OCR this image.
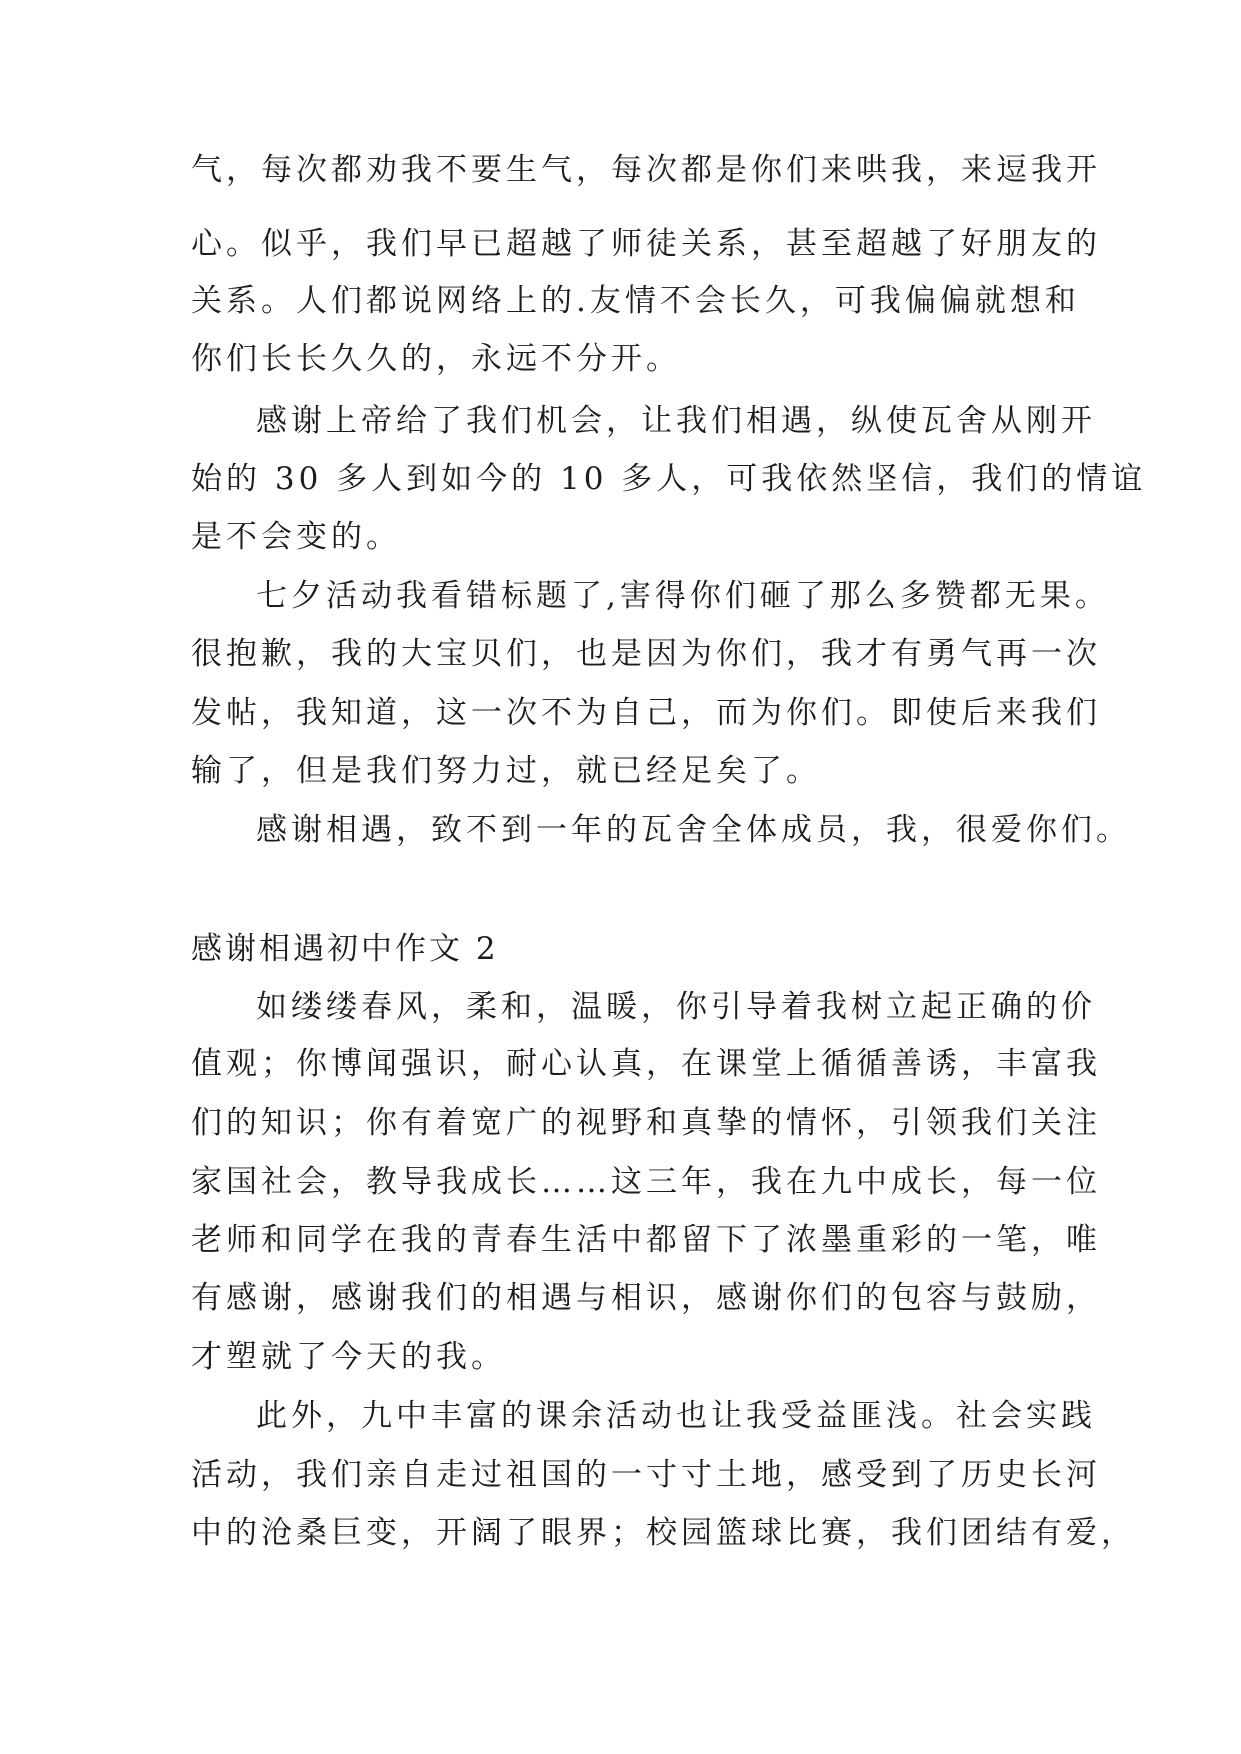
气，每次都劝我不要生气，每次都是你们来哄我，来逗我开

心。似乎，我们早已超越了师徒关系，甚至超越了好朋友的

关系。人们都说网络上的.友情不会长久，可我偏偏就想和

你们长长久久的，永远不分开。

感谢上帝给了我们机会，让我们相遇，纵使瓦舍从刚开

始的 30 多人到如今的 10 多人，可我依然坚信，我们的情谊

是不会变的。

七夕活动我看错标题了,害得你们砸了那么多赞都无果。

很抱歉，我的大宝贝们，也是因为你们，我才有勇气再一次

发帖，我知道，这一次不为自己，而为你们。即使后来我们

输了，但是我们努力过，就已经足矣了。

感谢相遇，致不到一年的瓦舍全体成员，我，很爱你们。

感谢相遇初中作文 2

如缕缕春风，柔和，温暖，你引导着我树立起正确的价

值观；你博闻强识，耐心认真，在课堂上循循善诱，丰富我

们的知识；你有着宽广的视野和真挚的情怀，引领我们关注

家国社会，教导我成长……这三年，我在九中成长，每一位

老师和同学在我的青春生活中都留下了浓墨重彩的一笔，唯

有感谢，感谢我们的相遇与相识，感谢你们的包容与鼓励，

才塑就了今天的我。

此外，九中丰富的课余活动也让我受益匪浅。社会实践

活动，我们亲自走过祖国的一寸寸土地，感受到了历史长河

中的沧桑巨变，开阔了眼界；校园篮球比赛，我们团结有爱，
